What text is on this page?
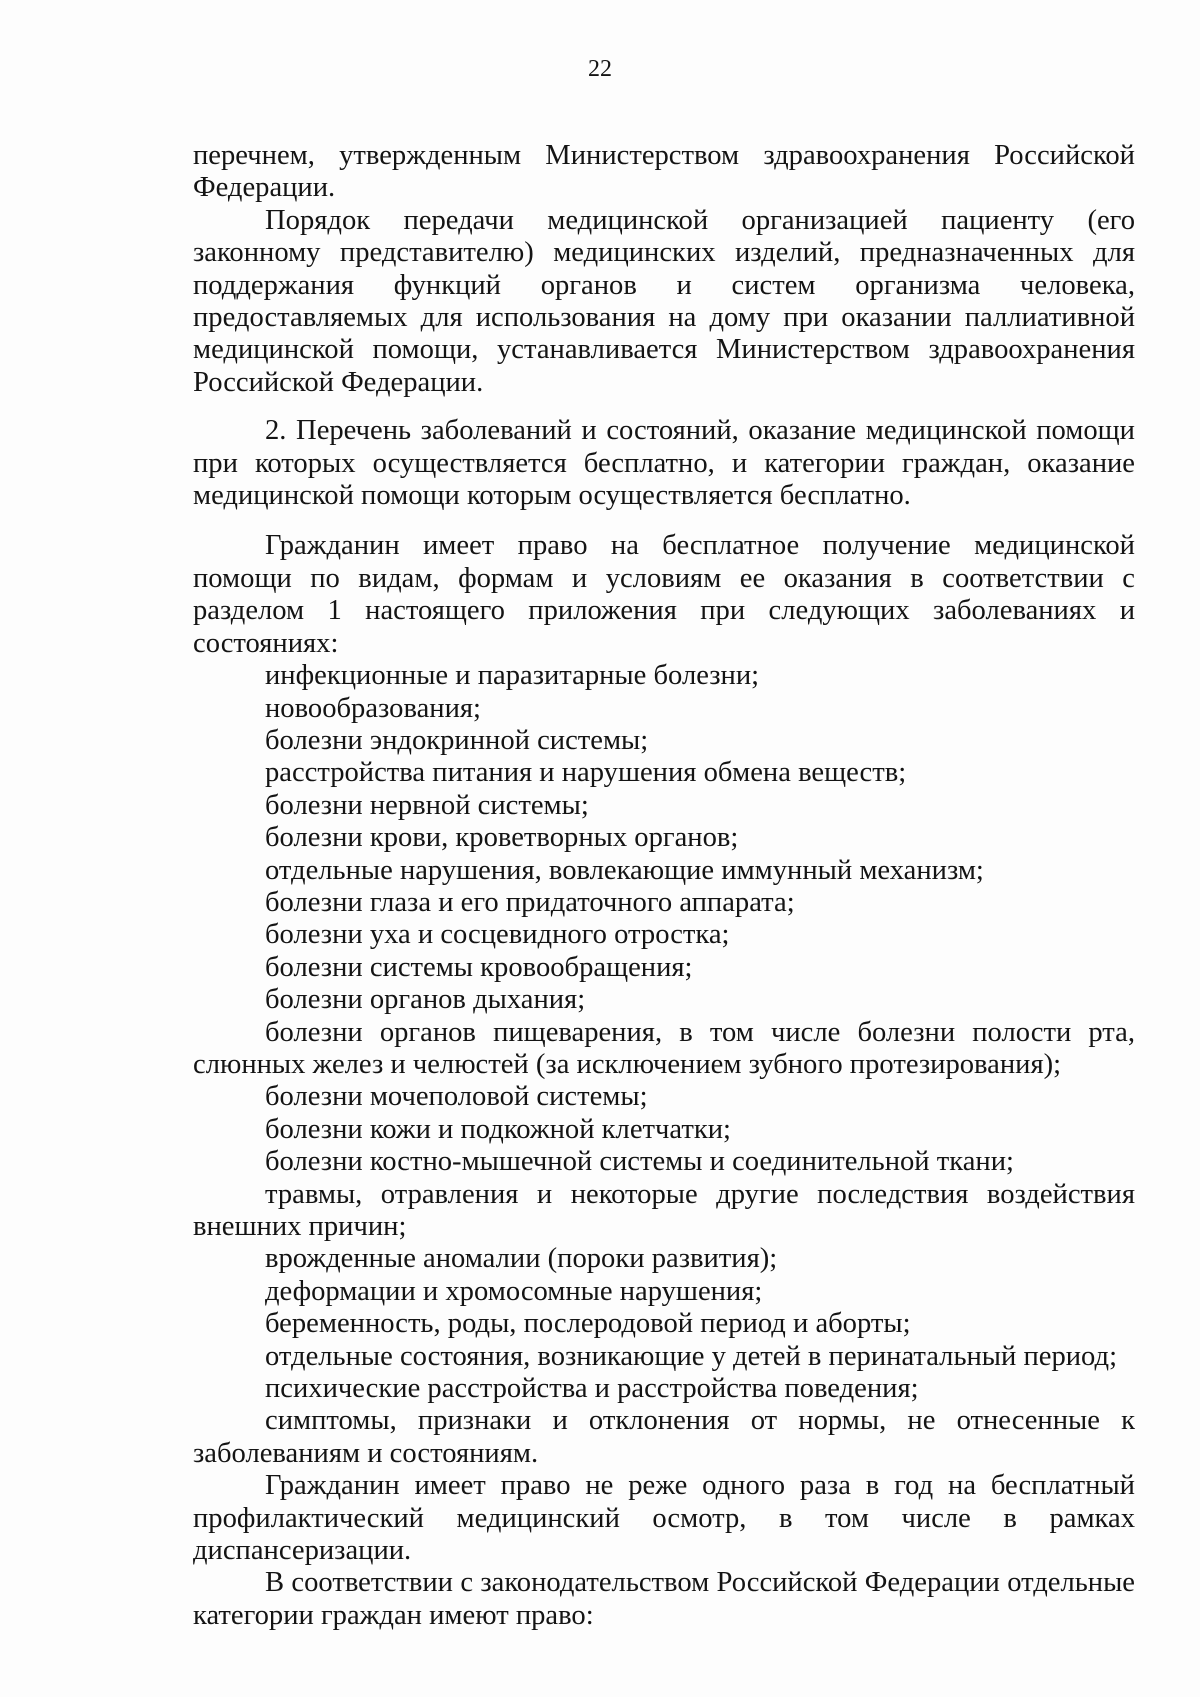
22

перечнем, утвержденным Министерством здравоохранения Российской Федерации.

Порядок передачи медицинской организацией пациенту (его законному представителю) медицинских изделий, предназначенных для поддержания функций органов и систем организма человека, предоставляемых для использования на дому при оказании паллиативной медицинской помощи, устанавливается Министерством здравоохранения Российской Федерации.

2. Перечень заболеваний и состояний, оказание медицинской помощи при которых осуществляется бесплатно, и категории граждан, оказание медицинской помощи которым осуществляется бесплатно.

Гражданин имеет право на бесплатное получение медицинской помощи по видам, формам и условиям ее оказания в соответствии с разделом 1 настоящего приложения при следующих заболеваниях и состояниях:

инфекционные и паразитарные болезни;
новообразования;
болезни эндокринной системы;
расстройства питания и нарушения обмена веществ;
болезни нервной системы;
болезни крови, кроветворных органов;
отдельные нарушения, вовлекающие иммунный механизм;
болезни глаза и его придаточного аппарата;
болезни уха и сосцевидного отростка;
болезни системы кровообращения;
болезни органов дыхания;
болезни органов пищеварения, в том числе болезни полости рта, слюнных желез и челюстей (за исключением зубного протезирования);
болезни мочеполовой системы;
болезни кожи и подкожной клетчатки;
болезни костно-мышечной системы и соединительной ткани;
травмы, отравления и некоторые другие последствия воздействия внешних причин;
врожденные аномалии (пороки развития);
деформации и хромосомные нарушения;
беременность, роды, послеродовой период и аборты;
отдельные состояния, возникающие у детей в перинатальный период;
психические расстройства и расстройства поведения;
симптомы, признаки и отклонения от нормы, не отнесенные к заболеваниям и состояниям.

Гражданин имеет право не реже одного раза в год на бесплатный профилактический медицинский осмотр, в том числе в рамках диспансеризации.

В соответствии с законодательством Российской Федерации отдельные категории граждан имеют право:
